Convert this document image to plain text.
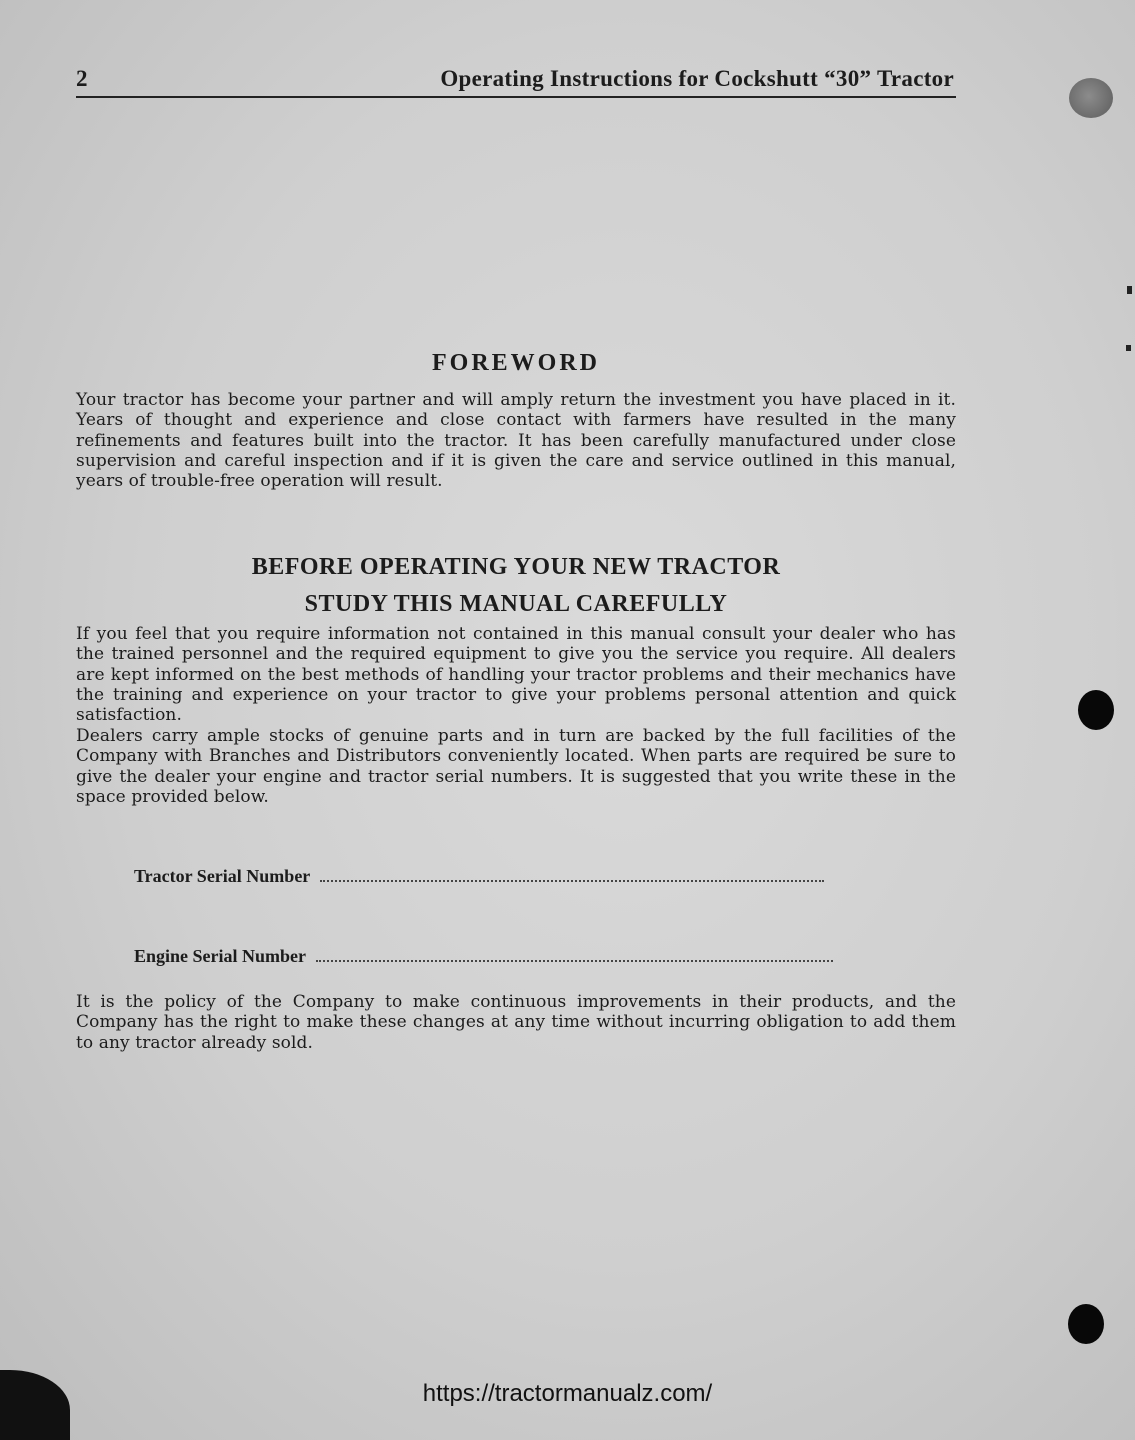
2	Operating Instructions for Cockshutt “30” Tractor
FOREWORD
Your tractor has become your partner and will amply return the investment you have placed in it. Years of thought and experience and close contact with farmers have resulted in the many refinements and features built into the tractor. It has been carefully manufactured under close supervision and careful inspection and if it is given the care and service outlined in this manual, years of trouble-free operation will result.
BEFORE OPERATING YOUR NEW TRACTOR
STUDY THIS MANUAL CAREFULLY
If you feel that you require information not contained in this manual consult your dealer who has the trained personnel and the required equipment to give you the service you require. All dealers are kept informed on the best methods of handling your tractor problems and their mechanics have the training and experience on your tractor to give your problems personal attention and quick satisfaction.
Dealers carry ample stocks of genuine parts and in turn are backed by the full facilities of the Company with Branches and Distributors conveniently located. When parts are required be sure to give the dealer your engine and tractor serial numbers. It is suggested that you write these in the space provided below.
Tractor Serial Number
Engine Serial Number
It is the policy of the Company to make continuous improvements in their products, and the Company has the right to make these changes at any time without incurring obligation to add them to any tractor already sold.
https://tractormanualz.com/
